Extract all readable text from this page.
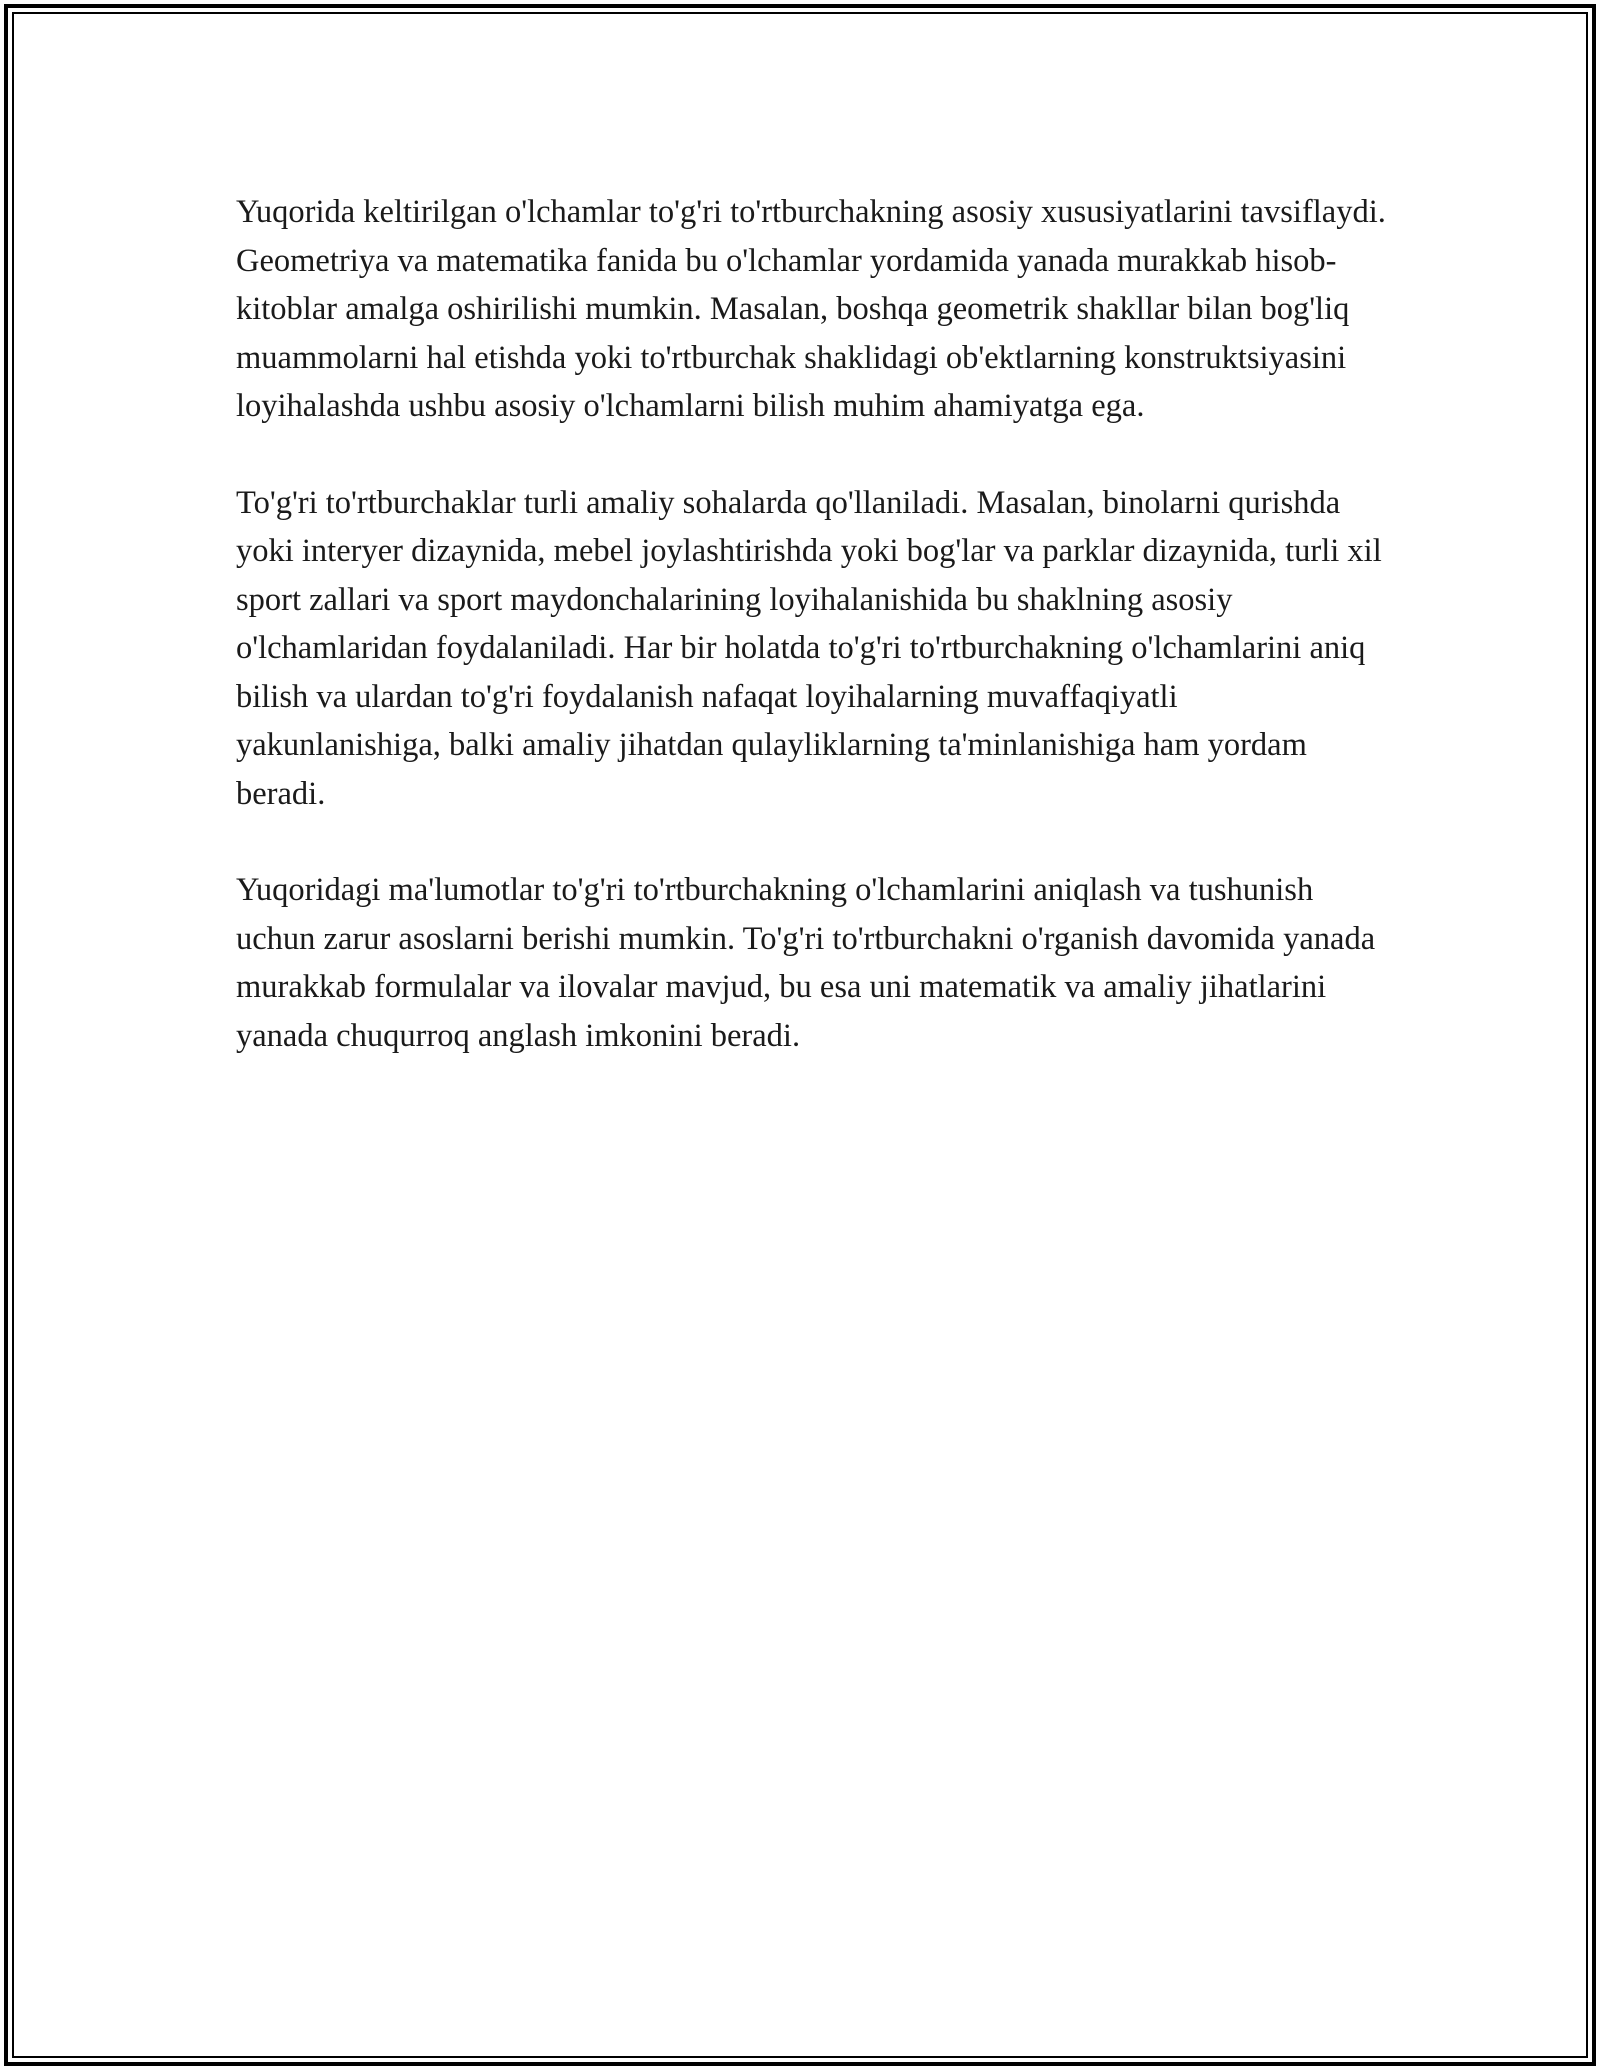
Yuqorida keltirilgan o'lchamlar to'g'ri to'rtburchakning asosiy xususiyatlarini tavsiflaydi. Geometriya va matematika fanida bu o'lchamlar yordamida yanada murakkab hisob-kitoblar amalga oshirilishi mumkin. Masalan, boshqa geometrik shakllar bilan bog'liq muammolarni hal etishda yoki to'rtburchak shaklidagi ob'ektlarning konstruktsiyasini loyihalashda ushbu asosiy o'lchamlarni bilish muhim ahamiyatga ega.

To'g'ri to'rtburchaklar turli amaliy sohalarda qo'llaniladi. Masalan, binolarni qurishda yoki interyer dizaynida, mebel joylashtirishda yoki bog'lar va parklar dizaynida, turli xil sport zallari va sport maydonchalarining loyihalanishida bu shaklning asosiy o'lchamlaridan foydalaniladi. Har bir holatda to'g'ri to'rtburchakning o'lchamlarini aniq bilish va ulardan to'g'ri foydalanish nafaqat loyihalarning muvaffaqiyatli yakunlanishiga, balki amaliy jihatdan qulayliklarning ta'minlanishiga ham yordam beradi.

Yuqoridagi ma'lumotlar to'g'ri to'rtburchakning o'lchamlarini aniqlash va tushunish uchun zarur asoslarni berishi mumkin. To'g'ri to'rtburchakni o'rganish davomida yanada murakkab formulalar va ilovalar mavjud, bu esa uni matematik va amaliy jihatlarini yanada chuqurroq anglash imkonini beradi.
